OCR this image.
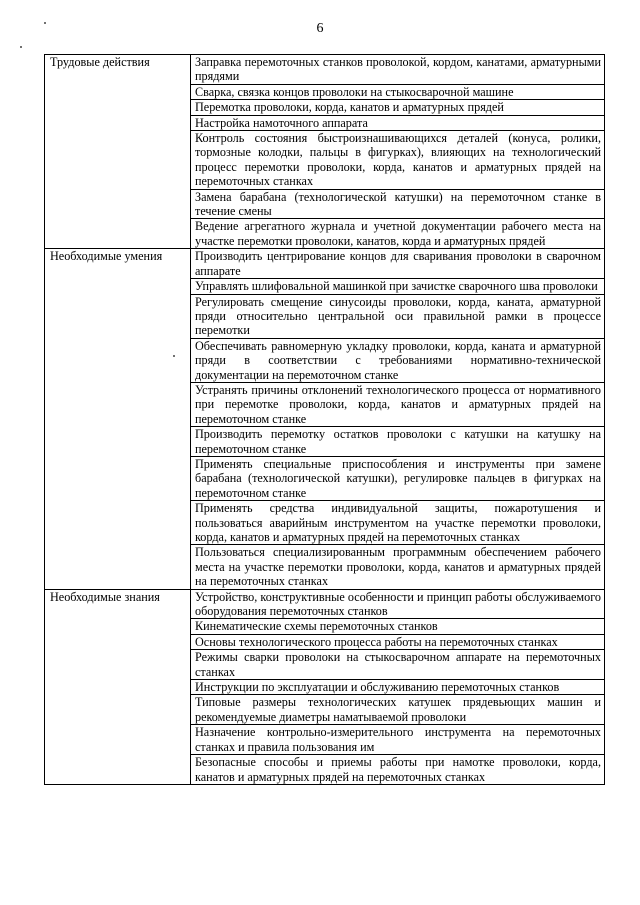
6
Трудовые действия	Заправка перемоточных станков проволокой, кордом, канатами, арматурными прядями
	Сварка, связка концов проволоки на стыкосварочной машине
	Перемотка проволоки, корда, канатов и арматурных прядей
	Настройка намоточного аппарата
	Контроль состояния быстроизнашивающихся деталей (конуса, ролики, тормозные колодки, пальцы в фигурках), влияющих на технологический процесс перемотки проволоки, корда, канатов и арматурных прядей на перемоточных станках
	Замена барабана (технологической катушки) на перемоточном станке в течение смены
	Ведение агрегатного журнала и учетной документации рабочего места на участке перемотки проволоки, канатов, корда и арматурных прядей
Необходимые умения	Производить центрирование концов для сваривания проволоки в сварочном аппарате
	Управлять шлифовальной машинкой при зачистке сварочного шва проволоки
	Регулировать смещение синусоиды проволоки, корда, каната, арматурной пряди относительно центральной оси правильной рамки в процессе перемотки
	Обеспечивать равномерную укладку проволоки, корда, каната и арматурной пряди в соответствии с требованиями нормативно-технической документации на перемоточном станке
	Устранять причины отклонений технологического процесса от нормативного при перемотке проволоки, корда, канатов и арматурных прядей на перемоточном станке
	Производить перемотку остатков проволоки с катушки на катушку на перемоточном станке
	Применять специальные приспособления и инструменты при замене барабана (технологической катушки), регулировке пальцев в фигурках на перемоточном станке
	Применять средства индивидуальной защиты, пожаротушения и пользоваться аварийным инструментом на участке перемотки проволоки, корда, канатов и арматурных прядей на перемоточных станках
	Пользоваться специализированным программным обеспечением рабочего места на участке перемотки проволоки, корда, канатов и арматурных прядей на перемоточных станках
Необходимые знания	Устройство, конструктивные особенности и принцип работы обслуживаемого оборудования перемоточных станков
	Кинематические схемы перемоточных станков
	Основы технологического процесса работы на перемоточных станках
	Режимы сварки проволоки на стыкосварочном аппарате на перемоточных станках
	Инструкции по эксплуатации и обслуживанию перемоточных станков
	Типовые размеры технологических катушек прядевьющих машин и рекомендуемые диаметры наматываемой проволоки
	Назначение контрольно-измерительного инструмента на перемоточных станках и правила пользования им
	Безопасные способы и приемы работы при намотке проволоки, корда, канатов и арматурных прядей на перемоточных станках
